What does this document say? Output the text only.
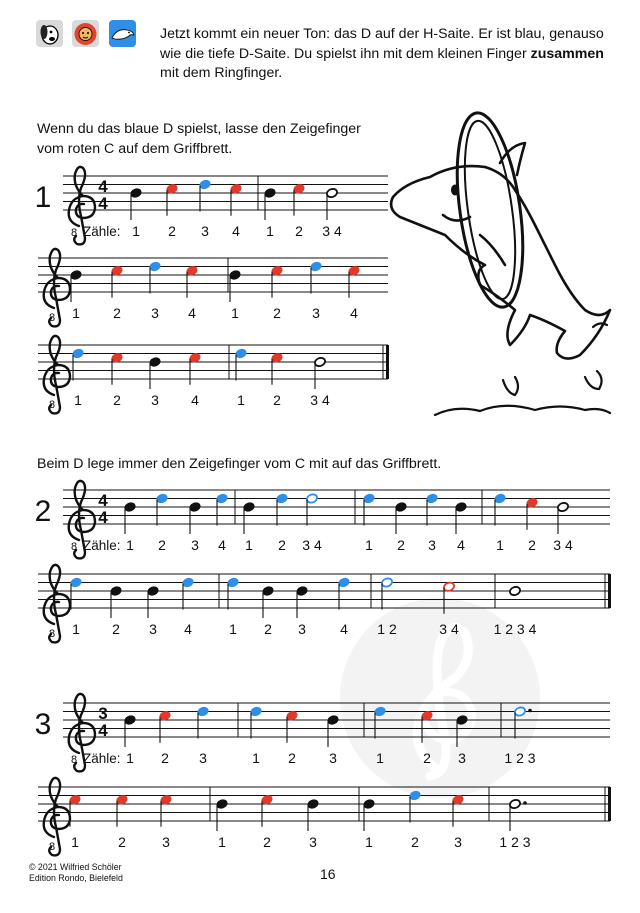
Jetzt kommt ein neuer Ton: das D auf der H-Saite. Er ist blau, genauso wie die tiefe D-Saite. Du spielst ihn mit dem kleinen Finger zusammen mit dem Ringfinger.

Wenn du das blaue D spielst, lasse den Zeigefinger vom roten C auf dem Griffbrett.

Beim D lege immer den Zeigefinger vom C mit auf das Griffbrett.

1	4
4
8 Zähle: 1 2 3 4 1 2 3 4
8 1 2 3 4	1 2 3 4
8 1 2 3 4	1 2 3 4
2	4
4
8 Zähle: 1 2 3 4 1 2 3 4	1 2 3 4 1 2 3 4
8 1 2 3 4	1 2 3 4 1 2	3 4 1 2 3 4
3	3
4
8 Zähle: 1 2 3	1 2 3	1	2 3	1 2 3
8 1	2	3	1	2	3	1	2	3	1 2 3
© 2021 Wilfried Schöler
Edition Rondo, Bielefeld	16
